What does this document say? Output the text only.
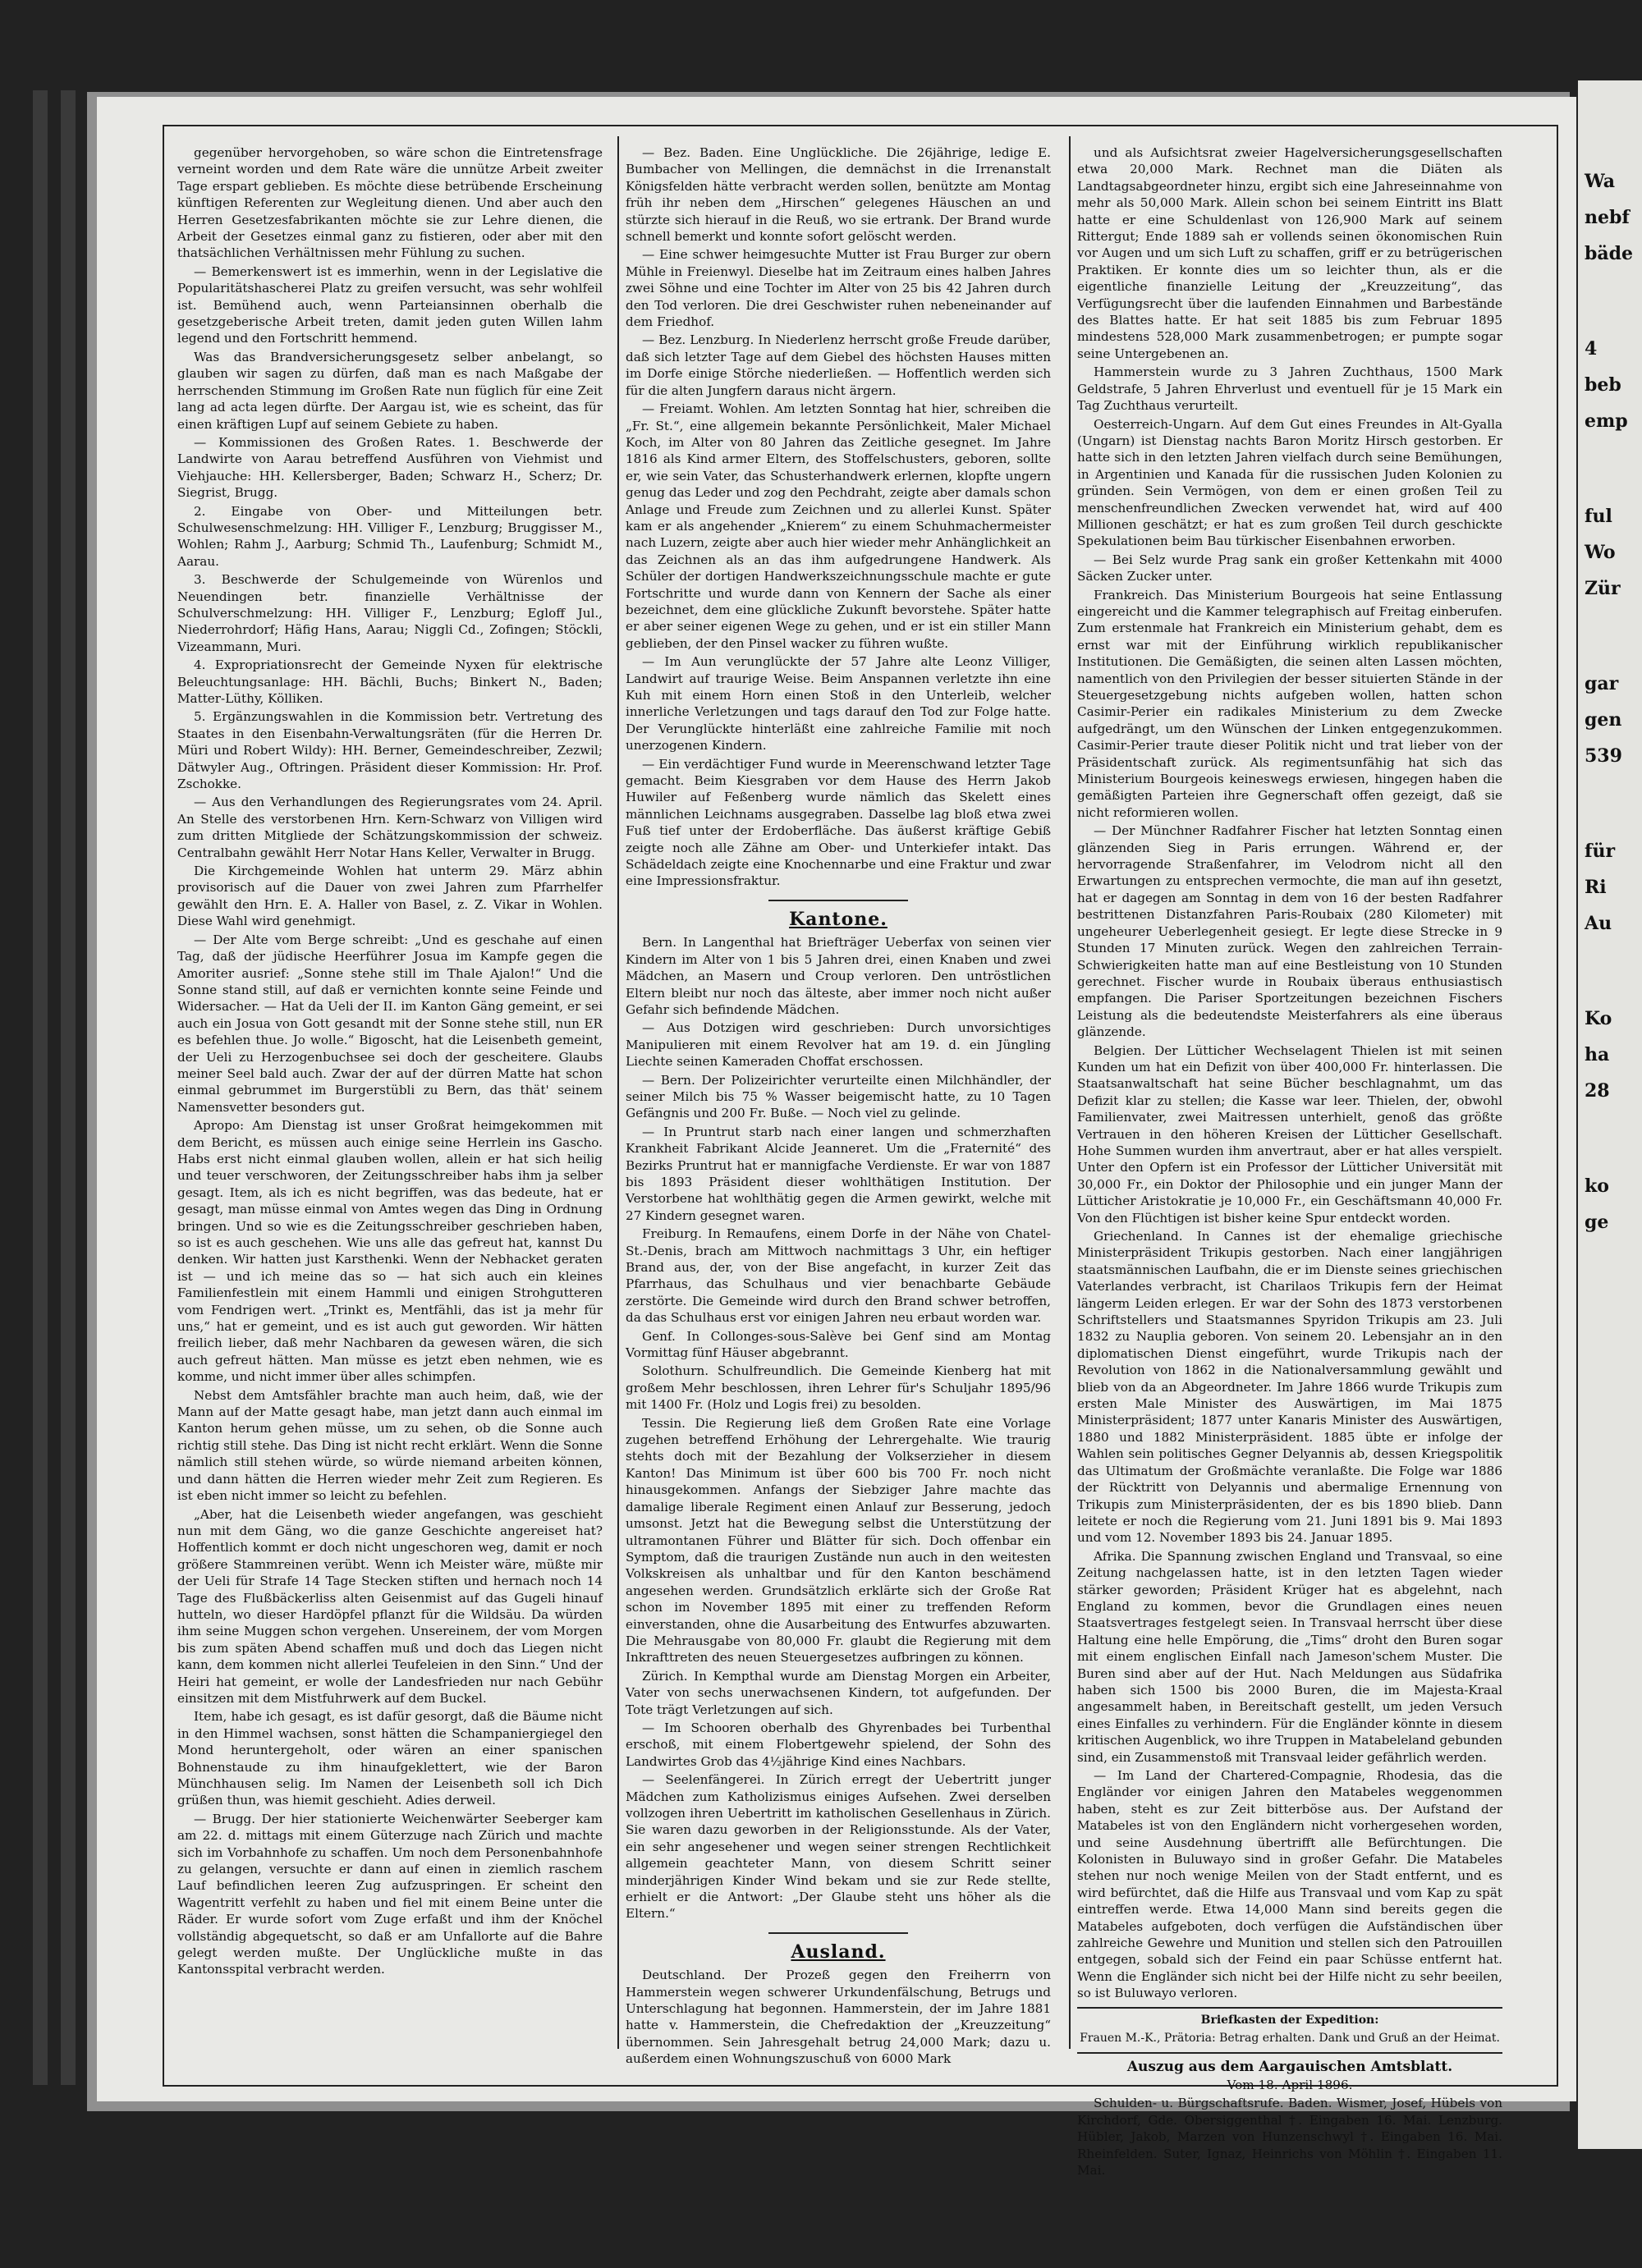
gegenüber hervorgehoben, so wäre schon die Eintretensfrage verneint worden und dem Rate wäre die unnütze Arbeit zweiter Tage erspart geblieben. Es möchte diese betrübende Erscheinung künftigen Referenten zur Wegleitung dienen. Und aber auch den Herren Gesetzesfabrikanten möchte sie zur Lehre dienen, die Arbeit der Gesetzes einmal ganz zu fistieren, oder aber mit den thatsächlichen Verhältnissen mehr Fühlung zu suchen.

— Bemerkenswert ist es immerhin, wenn in der Legislative die Popularitätshascherei Platz zu greifen versucht, was sehr wohlfeil ist. Bemühend auch, wenn Parteiansinnen oberhalb die gesetzgeberische Arbeit treten, damit jeden guten Willen lahm legend und den Fortschritt hemmend.

Was das Brandversicherungsgesetz selber anbelangt, so glauben wir sagen zu dürfen, daß man es nach Maßgabe der herrschenden Stimmung im Großen Rate nun füglich für eine Zeit lang ad acta legen dürfte. Der Aargau ist, wie es scheint, das für einen kräftigen Lupf auf seinem Gebiete zu haben.

— Kommissionen des Großen Rates. 1. Beschwerde der Landwirte von Aarau betreffend Ausführen von Viehmist und Viehjauche: HH. Kellersberger, Baden; Schwarz H., Scherz; Dr. Siegrist, Brugg.

2. Eingabe von Ober- und Mitteilungen betr. Schulwesenschmelzung: HH. Villiger F., Lenzburg; Bruggisser M., Wohlen; Rahm J., Aarburg; Schmid Th., Laufenburg; Schmidt M., Aarau.

3. Beschwerde der Schulgemeinde von Würenlos und Neuendingen betr. finanzielle Verhältnisse der Schulverschmelzung: HH. Villiger F., Lenzburg; Egloff Jul., Niederrohrdorf; Häfig Hans, Aarau; Niggli Cd., Zofingen; Stöckli, Vizeammann, Muri.

4. Expropriationsrecht der Gemeinde Nyxen für elektrische Beleuchtungsanlage: HH. Bächli, Buchs; Binkert N., Baden; Matter-Lüthy, Kölliken.

5. Ergänzungswahlen in die Kommission betr. Vertretung des Staates in den Eisenbahn-Verwaltungsräten (für die Herren Dr. Müri und Robert Wildy): HH. Berner, Gemeindeschreiber, Zezwil; Dätwyler Aug., Oftringen. Präsident dieser Kommission: Hr. Prof. Zschokke.

— Aus den Verhandlungen des Regierungsrates vom 24. April. An Stelle des verstorbenen Hrn. Kern-Schwarz von Villigen wird zum dritten Mitgliede der Schätzungskommission der schweiz. Centralbahn gewählt Herr Notar Hans Keller, Verwalter in Brugg.

Die Kirchgemeinde Wohlen hat unterm 29. März abhin provisorisch auf die Dauer von zwei Jahren zum Pfarrhelfer gewählt den Hrn. E. A. Haller von Basel, z. Z. Vikar in Wohlen. Diese Wahl wird genehmigt.

— Der Alte vom Berge schreibt: „Und es geschahe auf einen Tag, daß der jüdische Heerführer Josua im Kampfe gegen die Amoriter ausrief: „Sonne stehe still im Thale Ajalon!“ Und die Sonne stand still, auf daß er vernichten konnte seine Feinde und Widersacher. — Hat da Ueli der II. im Kanton Gäng gemeint, er sei auch ein Josua von Gott gesandt mit der Sonne stehe still, nun ER es befehlen thue. Jo wolle.“ Bigoscht, hat die Leisenbeth gemeint, der Ueli zu Herzogenbuchsee sei doch der gescheitere. Glaubs meiner Seel bald auch. Zwar der auf der dürren Matte hat schon einmal gebrummet im Burgerstübli zu Bern, das thät' seinem Namensvetter besonders gut.

Apropo: Am Dienstag ist unser Großrat heimgekommen mit dem Bericht, es müssen auch einige seine Herrlein ins Gascho. Habs erst nicht einmal glauben wollen, allein er hat sich heilig und teuer verschworen, der Zeitungsschreiber habs ihm ja selber gesagt. Item, als ich es nicht begriffen, was das bedeute, hat er gesagt, man müsse einmal von Amtes wegen das Ding in Ordnung bringen. Und so wie es die Zeitungsschreiber geschrieben haben, so ist es auch geschehen. Wie uns alle das gefreut hat, kannst Du denken. Wir hatten just Karsthenki. Wenn der Nebhacket geraten ist — und ich meine das so — hat sich auch ein kleines Familienfestlein mit einem Hammli und einigen Strohgutteren vom Fendrigen wert. „Trinkt es, Mentfähli, das ist ja mehr für uns,“ hat er gemeint, und es ist auch gut geworden. Wir hätten freilich lieber, daß mehr Nachbaren da gewesen wären, die sich auch gefreut hätten. Man müsse es jetzt eben nehmen, wie es komme, und nicht immer über alles schimpfen.

Nebst dem Amtsfähler brachte man auch heim, daß, wie der Mann auf der Matte gesagt habe, man jetzt dann auch einmal im Kanton herum gehen müsse, um zu sehen, ob die Sonne auch richtig still stehe. Das Ding ist nicht recht erklärt. Wenn die Sonne nämlich still stehen würde, so würde niemand arbeiten können, und dann hätten die Herren wieder mehr Zeit zum Regieren. Es ist eben nicht immer so leicht zu befehlen.

„Aber, hat die Leisenbeth wieder angefangen, was geschieht nun mit dem Gäng, wo die ganze Geschichte angereiset hat? Hoffentlich kommt er doch nicht ungeschoren weg, damit er noch größere Stammreinen verübt. Wenn ich Meister wäre, müßte mir der Ueli für Strafe 14 Tage Stecken stiften und hernach noch 14 Tage des Flußbäckerliss alten Geisenmist auf das Gugeli hinauf hutteln, wo dieser Hardöpfel pflanzt für die Wildsäu. Da würden ihm seine Muggen schon vergehen. Unsereinem, der vom Morgen bis zum späten Abend schaffen muß und doch das Liegen nicht kann, dem kommen nicht allerlei Teufeleien in den Sinn.“ Und der Heiri hat gemeint, er wolle der Landesfrieden nur nach Gebühr einsitzen mit dem Mistfuhrwerk auf dem Buckel.

Item, habe ich gesagt, es ist dafür gesorgt, daß die Bäume nicht in den Himmel wachsen, sonst hätten die Schampaniergiegel den Mond heruntergeholt, oder wären an einer spanischen Bohnenstaude zu ihm hinaufgeklettert, wie der Baron Münchhausen selig. Im Namen der Leisenbeth soll ich Dich grüßen thun, was hiemit geschieht. Adies derweil.

— Brugg. Der hier stationierte Weichenwärter Seeberger kam am 22. d. mittags mit einem Güterzuge nach Zürich und machte sich im Vorbahnhofe zu schaffen. Um noch dem Personenbahnhofe zu gelangen, versuchte er dann auf einen in ziemlich raschem Lauf befindlichen leeren Zug aufzuspringen. Er scheint den Wagentritt verfehlt zu haben und fiel mit einem Beine unter die Räder. Er wurde sofort vom Zuge erfaßt und ihm der Knöchel vollständig abgequetscht, so daß er am Unfallorte auf die Bahre gelegt werden mußte. Der Unglückliche mußte in das Kantonsspital verbracht werden.

— Bez. Baden. Eine Unglückliche. Die 26jährige, ledige E. Bumbacher von Mellingen, die demnächst in die Irrenanstalt Königsfelden hätte verbracht werden sollen, benützte am Montag früh ihr neben dem „Hirschen“ gelegenes Häuschen an und stürzte sich hierauf in die Reuß, wo sie ertrank. Der Brand wurde schnell bemerkt und konnte sofort gelöscht werden.

— Eine schwer heimgesuchte Mutter ist Frau Burger zur obern Mühle in Freienwyl. Dieselbe hat im Zeitraum eines halben Jahres zwei Söhne und eine Tochter im Alter von 25 bis 42 Jahren durch den Tod verloren. Die drei Geschwister ruhen nebeneinander auf dem Friedhof.

— Bez. Lenzburg. In Niederlenz herrscht große Freude darüber, daß sich letzter Tage auf dem Giebel des höchsten Hauses mitten im Dorfe einige Störche niederließen. — Hoffentlich werden sich für die alten Jungfern daraus nicht ärgern.

— Freiamt. Wohlen. Am letzten Sonntag hat hier, schreiben die „Fr. St.“, eine allgemein bekannte Persönlichkeit, Maler Michael Koch, im Alter von 80 Jahren das Zeitliche gesegnet. Im Jahre 1816 als Kind armer Eltern, des Stoffelschusters, geboren, sollte er, wie sein Vater, das Schusterhandwerk erlernen, klopfte ungern genug das Leder und zog den Pechdraht, zeigte aber damals schon Anlage und Freude zum Zeichnen und zu allerlei Kunst. Später kam er als angehender „Knierem“ zu einem Schuhmachermeister nach Luzern, zeigte aber auch hier wieder mehr Anhänglichkeit an das Zeichnen als an das ihm aufgedrungene Handwerk. Als Schüler der dortigen Handwerkszeichnungsschule machte er gute Fortschritte und wurde dann von Kennern der Sache als einer bezeichnet, dem eine glückliche Zukunft bevorstehe. Später hatte er aber seiner eigenen Wege zu gehen, und er ist ein stiller Mann geblieben, der den Pinsel wacker zu führen wußte.

— Im Aun verunglückte der 57 Jahre alte Leonz Villiger, Landwirt auf traurige Weise. Beim Anspannen verletzte ihn eine Kuh mit einem Horn einen Stoß in den Unterleib, welcher innerliche Verletzungen und tags darauf den Tod zur Folge hatte. Der Verunglückte hinterläßt eine zahlreiche Familie mit noch unerzogenen Kindern.

— Ein verdächtiger Fund wurde in Meerenschwand letzter Tage gemacht. Beim Kiesgraben vor dem Hause des Herrn Jakob Huwiler auf Feßenberg wurde nämlich das Skelett eines männlichen Leichnams ausgegraben. Dasselbe lag bloß etwa zwei Fuß tief unter der Erdoberfläche. Das äußerst kräftige Gebiß zeigte noch alle Zähne am Ober- und Unterkiefer intakt. Das Schädeldach zeigte eine Knochennarbe und eine Fraktur und zwar eine Impressionsfraktur.

Kantone.

Bern. In Langenthal hat Briefträger Ueberfax von seinen vier Kindern im Alter von 1 bis 5 Jahren drei, einen Knaben und zwei Mädchen, an Masern und Croup verloren. Den untröstlichen Eltern bleibt nur noch das älteste, aber immer noch nicht außer Gefahr sich befindende Mädchen.

— Aus Dotzigen wird geschrieben: Durch unvorsichtiges Manipulieren mit einem Revolver hat am 19. d. ein Jüngling Liechte seinen Kameraden Choffat erschossen.

— Bern. Der Polizeirichter verurteilte einen Milchhändler, der seiner Milch bis 75 % Wasser beigemischt hatte, zu 10 Tagen Gefängnis und 200 Fr. Buße. — Noch viel zu gelinde.

— In Pruntrut starb nach einer langen und schmerzhaften Krankheit Fabrikant Alcide Jeanneret. Um die „Fraternité“ des Bezirks Pruntrut hat er mannigfache Verdienste. Er war von 1887 bis 1893 Präsident dieser wohlthätigen Institution. Der Verstorbene hat wohlthätig gegen die Armen gewirkt, welche mit 27 Kindern gesegnet waren.

Freiburg. In Remaufens, einem Dorfe in der Nähe von Chatel-St.-Denis, brach am Mittwoch nachmittags 3 Uhr, ein heftiger Brand aus, der, von der Bise angefacht, in kurzer Zeit das Pfarrhaus, das Schulhaus und vier benachbarte Gebäude zerstörte. Die Gemeinde wird durch den Brand schwer betroffen, da das Schulhaus erst vor einigen Jahren neu erbaut worden war.

Genf. In Collonges-sous-Salève bei Genf sind am Montag Vormittag fünf Häuser abgebrannt.

Solothurn. Schulfreundlich. Die Gemeinde Kienberg hat mit großem Mehr beschlossen, ihren Lehrer für's Schuljahr 1895/96 mit 1400 Fr. (Holz und Logis frei) zu besolden.

Tessin. Die Regierung ließ dem Großen Rate eine Vorlage zugehen betreffend Erhöhung der Lehrergehalte. Wie traurig stehts doch mit der Bezahlung der Volkserzieher in diesem Kanton! Das Minimum ist über 600 bis 700 Fr. noch nicht hinausgekommen. Anfangs der Siebziger Jahre machte das damalige liberale Regiment einen Anlauf zur Besserung, jedoch umsonst. Jetzt hat die Bewegung selbst die Unterstützung der ultramontanen Führer und Blätter für sich. Doch offenbar ein Symptom, daß die traurigen Zustände nun auch in den weitesten Volkskreisen als unhaltbar und für den Kanton beschämend angesehen werden. Grundsätzlich erklärte sich der Große Rat schon im November 1895 mit einer zu treffenden Reform einverstanden, ohne die Ausarbeitung des Entwurfes abzuwarten. Die Mehrausgabe von 80,000 Fr. glaubt die Regierung mit dem Inkrafttreten des neuen Steuergesetzes aufbringen zu können.

Zürich. In Kempthal wurde am Dienstag Morgen ein Arbeiter, Vater von sechs unerwachsenen Kindern, tot aufgefunden. Der Tote trägt Verletzungen auf sich.

— Im Schooren oberhalb des Ghyrenbades bei Turbenthal erschoß, mit einem Flobertgewehr spielend, der Sohn des Landwirtes Grob das 4½jährige Kind eines Nachbars.

— Seelenfängerei. In Zürich erregt der Uebertritt junger Mädchen zum Katholizismus einiges Aufsehen. Zwei derselben vollzogen ihren Uebertritt im katholischen Gesellenhaus in Zürich. Sie waren dazu geworben in der Religionsstunde. Als der Vater, ein sehr angesehener und wegen seiner strengen Rechtlichkeit allgemein geachteter Mann, von diesem Schritt seiner minderjährigen Kinder Wind bekam und sie zur Rede stellte, erhielt er die Antwort: „Der Glaube steht uns höher als die Eltern.“

Ausland.

Deutschland. Der Prozeß gegen den Freiherrn von Hammerstein wegen schwerer Urkundenfälschung, Betrugs und Unterschlagung hat begonnen. Hammerstein, der im Jahre 1881 hatte v. Hammerstein, die Chefredaktion der „Kreuzzeitung“ übernommen. Sein Jahresgehalt betrug 24,000 Mark; dazu u. außerdem einen Wohnungszuschuß von 6000 Mark

und als Aufsichtsrat zweier Hagelversicherungsgesellschaften etwa 20,000 Mark. Rechnet man die Diäten als Landtagsabgeordneter hinzu, ergibt sich eine Jahreseinnahme von mehr als 50,000 Mark. Allein schon bei seinem Eintritt ins Blatt hatte er eine Schuldenlast von 126,900 Mark auf seinem Rittergut; Ende 1889 sah er vollends seinen ökonomischen Ruin vor Augen und um sich Luft zu schaffen, griff er zu betrügerischen Praktiken. Er konnte dies um so leichter thun, als er die eigentliche finanzielle Leitung der „Kreuzzeitung“, das Verfügungsrecht über die laufenden Einnahmen und Barbestände des Blattes hatte. Er hat seit 1885 bis zum Februar 1895 mindestens 528,000 Mark zusammenbetrogen; er pumpte sogar seine Untergebenen an.

Hammerstein wurde zu 3 Jahren Zuchthaus, 1500 Mark Geldstrafe, 5 Jahren Ehrverlust und eventuell für je 15 Mark ein Tag Zuchthaus verurteilt.

Oesterreich-Ungarn. Auf dem Gut eines Freundes in Alt-Gyalla (Ungarn) ist Dienstag nachts Baron Moritz Hirsch gestorben. Er hatte sich in den letzten Jahren vielfach durch seine Bemühungen, in Argentinien und Kanada für die russischen Juden Kolonien zu gründen. Sein Vermögen, von dem er einen großen Teil zu menschenfreundlichen Zwecken verwendet hat, wird auf 400 Millionen geschätzt; er hat es zum großen Teil durch geschickte Spekulationen beim Bau türkischer Eisenbahnen erworben.

— Bei Selz wurde Prag sank ein großer Kettenkahn mit 4000 Säcken Zucker unter.

Frankreich. Das Ministerium Bourgeois hat seine Entlassung eingereicht und die Kammer telegraphisch auf Freitag einberufen. Zum erstenmale hat Frankreich ein Ministerium gehabt, dem es ernst war mit der Einführung wirklich republikanischer Institutionen. Die Gemäßigten, die seinen alten Lassen möchten, namentlich von den Privilegien der besser situierten Stände in der Steuergesetzgebung nichts aufgeben wollen, hatten schon Casimir-Perier ein radikales Ministerium zu dem Zwecke aufgedrängt, um den Wünschen der Linken entgegenzukommen. Casimir-Perier traute dieser Politik nicht und trat lieber von der Präsidentschaft zurück. Als regimentsunfähig hat sich das Ministerium Bourgeois keineswegs erwiesen, hingegen haben die gemäßigten Parteien ihre Gegnerschaft offen gezeigt, daß sie nicht reformieren wollen.

— Der Münchner Radfahrer Fischer hat letzten Sonntag einen glänzenden Sieg in Paris errungen. Während er, der hervorragende Straßenfahrer, im Velodrom nicht all den Erwartungen zu entsprechen vermochte, die man auf ihn gesetzt, hat er dagegen am Sonntag in dem von 16 der besten Radfahrer bestrittenen Distanzfahren Paris-Roubaix (280 Kilometer) mit ungeheurer Ueberlegenheit gesiegt. Er legte diese Strecke in 9 Stunden 17 Minuten zurück. Wegen den zahlreichen Terrain-Schwierigkeiten hatte man auf eine Bestleistung von 10 Stunden gerechnet. Fischer wurde in Roubaix überaus enthusiastisch empfangen. Die Pariser Sportzeitungen bezeichnen Fischers Leistung als die bedeutendste Meisterfahrers als eine überaus glänzende.

Belgien. Der Lütticher Wechselagent Thielen ist mit seinen Kunden um hat ein Defizit von über 400,000 Fr. hinterlassen. Die Staatsanwaltschaft hat seine Bücher beschlagnahmt, um das Defizit klar zu stellen; die Kasse war leer. Thielen, der, obwohl Familienvater, zwei Maitressen unterhielt, genoß das größte Vertrauen in den höheren Kreisen der Lütticher Gesellschaft. Hohe Summen wurden ihm anvertraut, aber er hat alles verspielt. Unter den Opfern ist ein Professor der Lütticher Universität mit 30,000 Fr., ein Doktor der Philosophie und ein junger Mann der Lütticher Aristokratie je 10,000 Fr., ein Geschäftsmann 40,000 Fr. Von den Flüchtigen ist bisher keine Spur entdeckt worden.

Griechenland. In Cannes ist der ehemalige griechische Ministerpräsident Trikupis gestorben. Nach einer langjährigen staatsmännischen Laufbahn, die er im Dienste seines griechischen Vaterlandes verbracht, ist Charilaos Trikupis fern der Heimat längerm Leiden erlegen. Er war der Sohn des 1873 verstorbenen Schriftstellers und Staatsmannes Spyridon Trikupis am 23. Juli 1832 zu Nauplia geboren. Von seinem 20. Lebensjahr an in den diplomatischen Dienst eingeführt, wurde Trikupis nach der Revolution von 1862 in die Nationalversammlung gewählt und blieb von da an Abgeordneter. Im Jahre 1866 wurde Trikupis zum ersten Male Minister des Auswärtigen, im Mai 1875 Ministerpräsident; 1877 unter Kanaris Minister des Auswärtigen, 1880 und 1882 Ministerpräsident. 1885 übte er infolge der Wahlen sein politisches Gegner Delyannis ab, dessen Kriegspolitik das Ultimatum der Großmächte veranlaßte. Die Folge war 1886 der Rücktritt von Delyannis und abermalige Ernennung von Trikupis zum Ministerpräsidenten, der es bis 1890 blieb. Dann leitete er noch die Regierung vom 21. Juni 1891 bis 9. Mai 1893 und vom 12. November 1893 bis 24. Januar 1895.

Afrika. Die Spannung zwischen England und Transvaal, so eine Zeitung nachgelassen hatte, ist in den letzten Tagen wieder stärker geworden; Präsident Krüger hat es abgelehnt, nach England zu kommen, bevor die Grundlagen eines neuen Staatsvertrages festgelegt seien. In Transvaal herrscht über diese Haltung eine helle Empörung, die „Tims“ droht den Buren sogar mit einem englischen Einfall nach Jameson'schem Muster. Die Buren sind aber auf der Hut. Nach Meldungen aus Südafrika haben sich 1500 bis 2000 Buren, die im Majesta-Kraal angesammelt haben, in Bereitschaft gestellt, um jeden Versuch eines Einfalles zu verhindern. Für die Engländer könnte in diesem kritischen Augenblick, wo ihre Truppen in Matabeleland gebunden sind, ein Zusammenstoß mit Transvaal leider gefährlich werden.

— Im Land der Chartered-Compagnie, Rhodesia, das die Engländer vor einigen Jahren den Matabeles weggenommen haben, steht es zur Zeit bitterböse aus. Der Aufstand der Matabeles ist von den Engländern nicht vorhergesehen worden, und seine Ausdehnung übertrifft alle Befürchtungen. Die Kolonisten in Buluwayo sind in großer Gefahr. Die Matabeles stehen nur noch wenige Meilen von der Stadt entfernt, und es wird befürchtet, daß die Hilfe aus Transvaal und vom Kap zu spät eintreffen werde. Etwa 14,000 Mann sind bereits gegen die Matabeles aufgeboten, doch verfügen die Aufständischen über zahlreiche Gewehre und Munition und stellen sich den Patrouillen entgegen, sobald sich der Feind ein paar Schüsse entfernt hat. Wenn die Engländer sich nicht bei der Hilfe nicht zu sehr beeilen, so ist Buluwayo verloren.

Briefkasten der Expedition:

Frauen M.-K., Prätoria: Betrag erhalten. Dank und Gruß an der Heimat.

Auszug aus dem Aargauischen Amtsblatt.

Vom 18. April 1896.

Schulden- u. Bürgschaftsrufe. Baden. Wismer, Josef, Hübels von Kirchdorf, Gde. Obersiggenthal †. Eingaben 16. Mai. Lenzburg. Hübler, Jakob, Marzen von Hunzenschwyl †. Eingaben 16. Mai. Rheinfelden. Suter, Ignaz, Heinrichs von Möhlin †. Eingaben 11. Mai.

Wa
nebf
bäde
4
beb
emp
ful
Wo
Zür
gar
gen
539
für
Ri
Au
Ko
ha
28
ko
ge
